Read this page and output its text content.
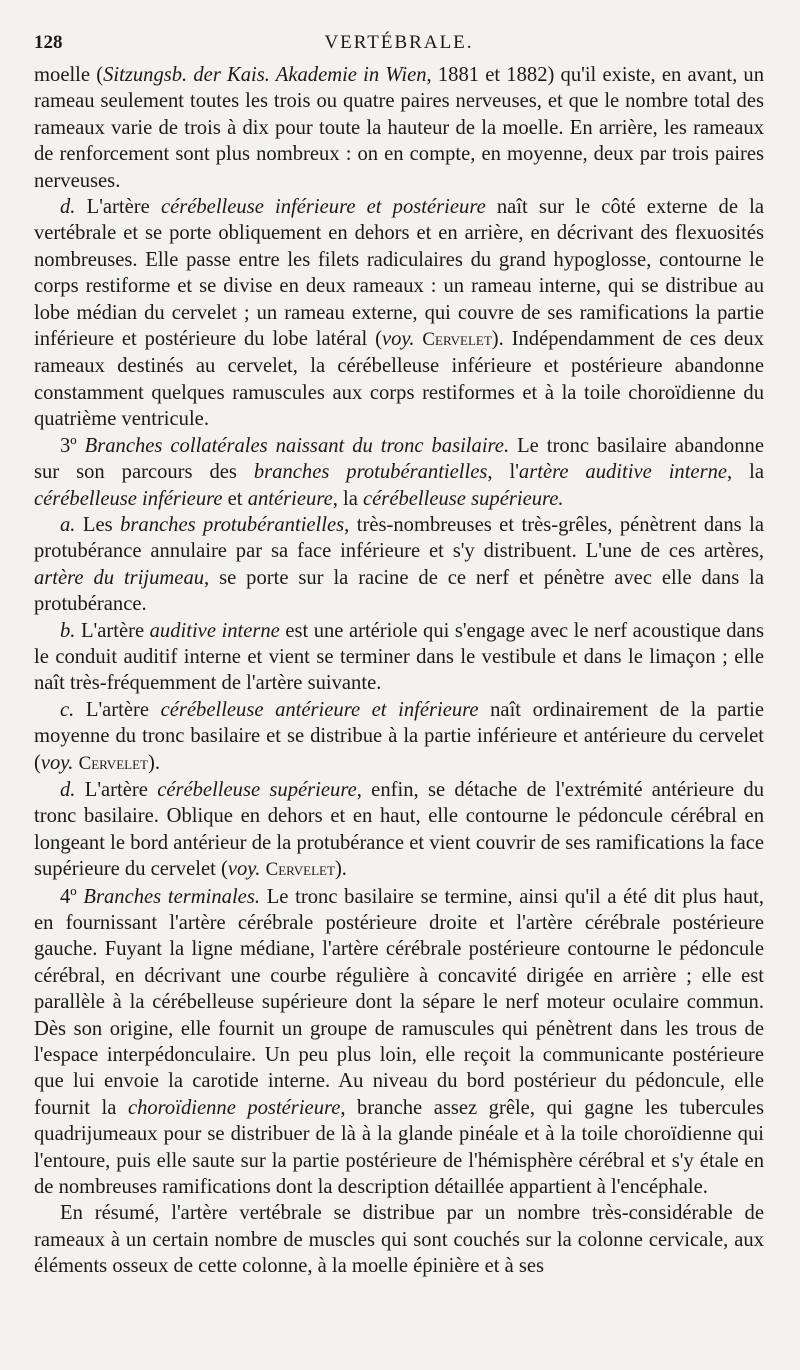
128	VERTÉBRALE.

moelle (Sitzungsb. der Kais. Akademie in Wien, 1881 et 1882) qu'il existe, en avant, un rameau seulement toutes les trois ou quatre paires nerveuses, et que le nombre total des rameaux varie de trois à dix pour toute la hauteur de la moelle. En arrière, les rameaux de renforcement sont plus nombreux : on en compte, en moyenne, deux par trois paires nerveuses.

d. L'artère cérébelleuse inférieure et postérieure naît sur le côté externe de la vertébrale et se porte obliquement en dehors et en arrière, en décrivant des flexuosités nombreuses. Elle passe entre les filets radiculaires du grand hypoglosse, contourne le corps restiforme et se divise en deux rameaux : un rameau interne, qui se distribue au lobe médian du cervelet ; un rameau externe, qui couvre de ses ramifications la partie inférieure et postérieure du lobe latéral (voy. Cervelet). Indépendamment de ces deux rameaux destinés au cervelet, la cérébelleuse inférieure et postérieure abandonne constamment quelques ramuscules aux corps restiformes et à la toile choroïdienne du quatrième ventricule.

3º Branches collatérales naissant du tronc basilaire. Le tronc basilaire abandonne sur son parcours des branches protubérantielles, l'artère auditive interne, la cérébelleuse inférieure et antérieure, la cérébelleuse supérieure.

a. Les branches protubérantielles, très-nombreuses et très-grêles, pénètrent dans la protubérance annulaire par sa face inférieure et s'y distribuent. L'une de ces artères, artère du trijumeau, se porte sur la racine de ce nerf et pénètre avec elle dans la protubérance.

b. L'artère auditive interne est une artériole qui s'engage avec le nerf acoustique dans le conduit auditif interne et vient se terminer dans le vestibule et dans le limaçon ; elle naît très-fréquemment de l'artère suivante.

c. L'artère cérébelleuse antérieure et inférieure naît ordinairement de la partie moyenne du tronc basilaire et se distribue à la partie inférieure et antérieure du cervelet (voy. Cervelet).

d. L'artère cérébelleuse supérieure, enfin, se détache de l'extrémité antérieure du tronc basilaire. Oblique en dehors et en haut, elle contourne le pédoncule cérébral en longeant le bord antérieur de la protubérance et vient couvrir de ses ramifications la face supérieure du cervelet (voy. Cervelet).

4º Branches terminales. Le tronc basilaire se termine, ainsi qu'il a été dit plus haut, en fournissant l'artère cérébrale postérieure droite et l'artère cérébrale postérieure gauche. Fuyant la ligne médiane, l'artère cérébrale postérieure contourne le pédoncule cérébral, en décrivant une courbe régulière à concavité dirigée en arrière ; elle est parallèle à la cérébelleuse supérieure dont la sépare le nerf moteur oculaire commun. Dès son origine, elle fournit un groupe de ramuscules qui pénètrent dans les trous de l'espace interpédonculaire. Un peu plus loin, elle reçoit la communicante postérieure que lui envoie la carotide interne. Au niveau du bord postérieur du pédoncule, elle fournit la choroïdienne postérieure, branche assez grêle, qui gagne les tubercules quadrijumeaux pour se distribuer de là à la glande pinéale et à la toile choroïdienne qui l'entoure, puis elle saute sur la partie postérieure de l'hémisphère cérébral et s'y étale en de nombreuses ramifications dont la description détaillée appartient à l'encéphale.

En résumé, l'artère vertébrale se distribue par un nombre très-considérable de rameaux à un certain nombre de muscles qui sont couchés sur la colonne cervicale, aux éléments osseux de cette colonne, à la moelle épinière et à ses
